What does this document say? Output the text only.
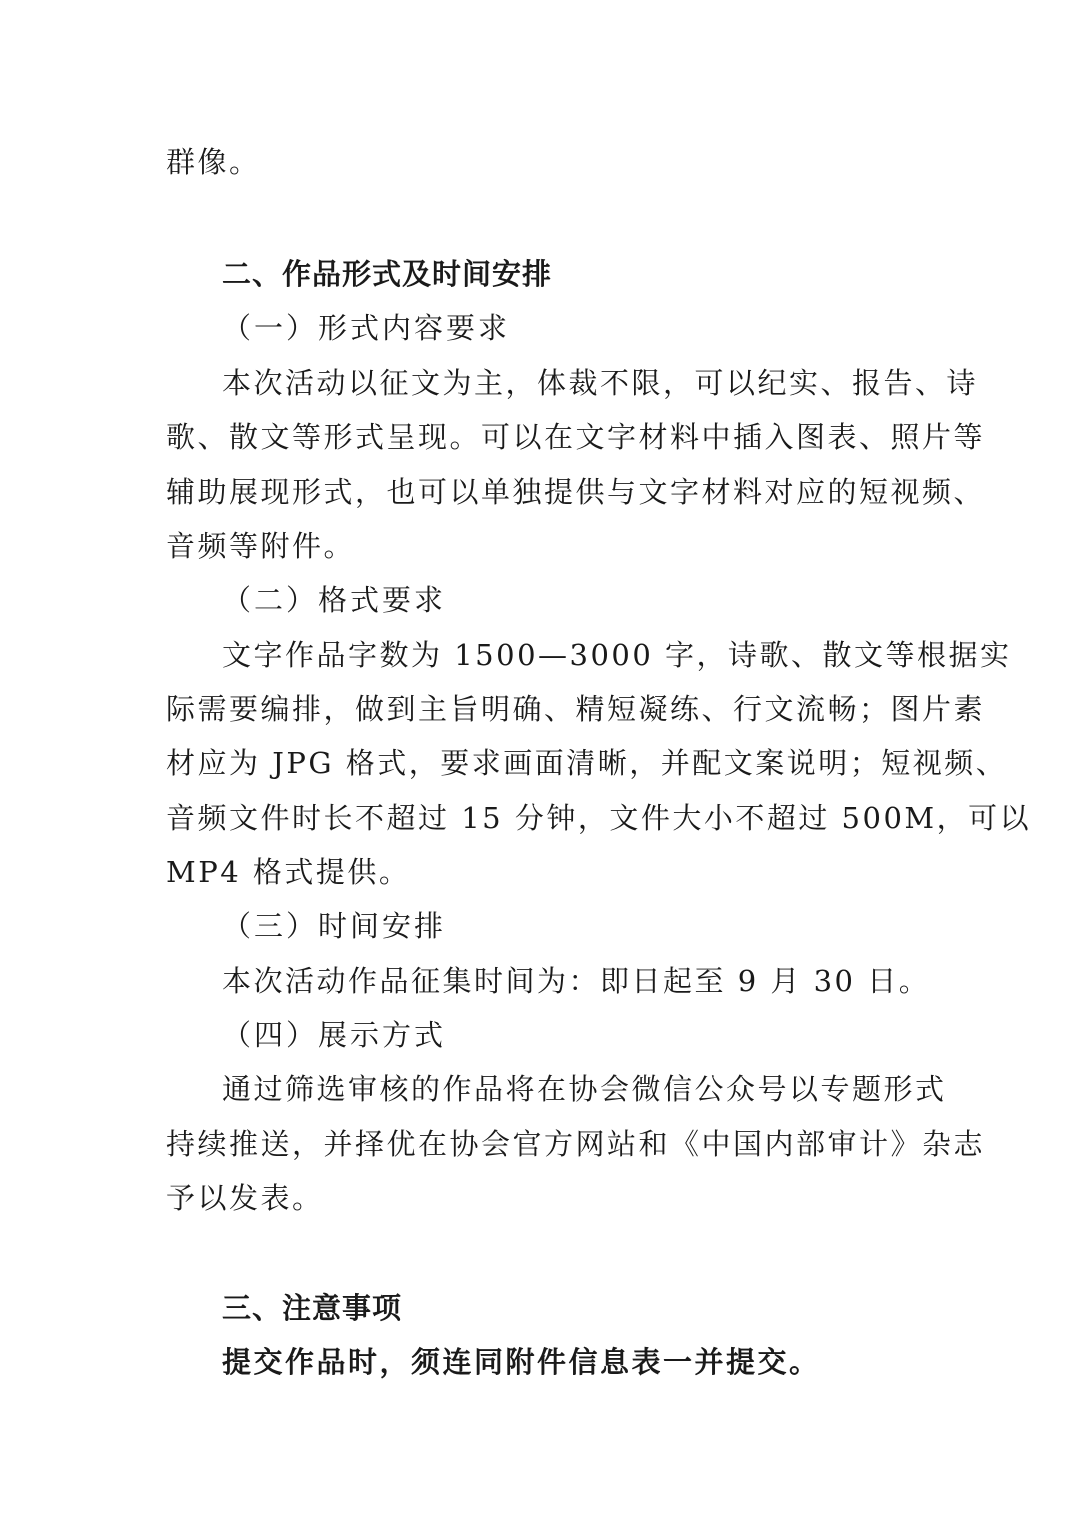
群像。
二、作品形式及时间安排
（一）形式内容要求
本次活动以征文为主，体裁不限，可以纪实、报告、诗
歌、散文等形式呈现。可以在文字材料中插入图表、照片等
辅助展现形式，也可以单独提供与文字材料对应的短视频、
音频等附件。
（二）格式要求
文字作品字数为 1500—3000 字，诗歌、散文等根据实
际需要编排，做到主旨明确、精短凝练、行文流畅；图片素
材应为 JPG 格式，要求画面清晰，并配文案说明；短视频、
音频文件时长不超过 15 分钟，文件大小不超过 500M，可以
MP4 格式提供。
（三）时间安排
本次活动作品征集时间为：即日起至 9 月 30 日。
（四）展示方式
通过筛选审核的作品将在协会微信公众号以专题形式
持续推送，并择优在协会官方网站和《中国内部审计》杂志
予以发表。
三、注意事项
提交作品时，须连同附件信息表一并提交。
